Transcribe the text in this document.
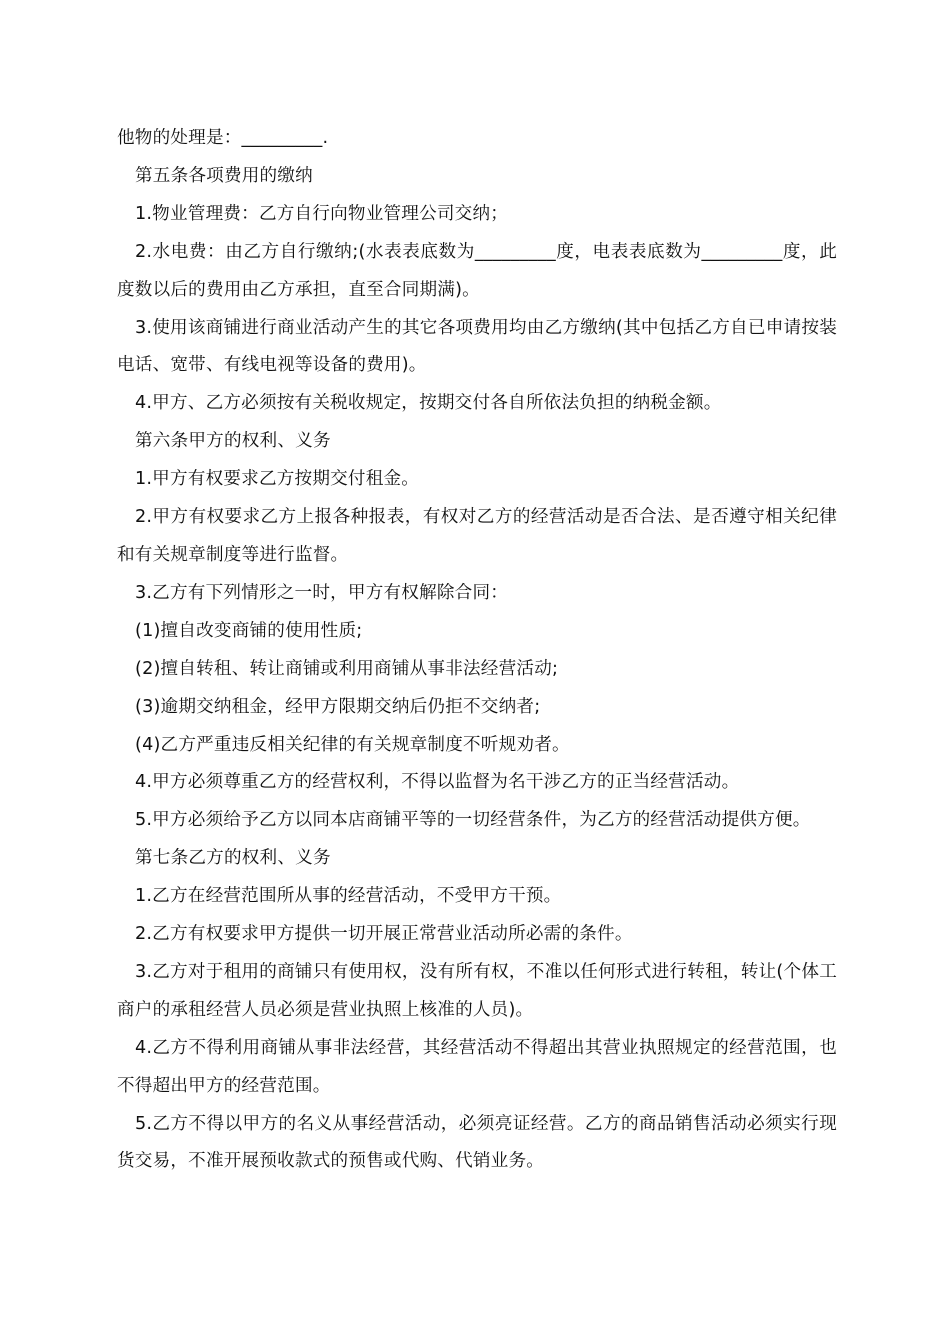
他物的处理是：_________.

第五条各项费用的缴纳

1.物业管理费：乙方自行向物业管理公司交纳；

2.水电费：由乙方自行缴纳;(水表表底数为_________度，电表表底数为_________度，此度数以后的费用由乙方承担，直至合同期满)。

3.使用该商铺进行商业活动产生的其它各项费用均由乙方缴纳(其中包括乙方自已申请按装电话、宽带、有线电视等设备的费用)。

4.甲方、乙方必须按有关税收规定，按期交付各自所依法负担的纳税金额。

第六条甲方的权利、义务

1.甲方有权要求乙方按期交付租金。

2.甲方有权要求乙方上报各种报表，有权对乙方的经营活动是否合法、是否遵守相关纪律和有关规章制度等进行监督。

3.乙方有下列情形之一时，甲方有权解除合同：

(1)擅自改变商铺的使用性质;

(2)擅自转租、转让商铺或利用商铺从事非法经营活动;

(3)逾期交纳租金，经甲方限期交纳后仍拒不交纳者;

(4)乙方严重违反相关纪律的有关规章制度不听规劝者。

4.甲方必须尊重乙方的经营权利，不得以监督为名干涉乙方的正当经营活动。

5.甲方必须给予乙方以同本店商铺平等的一切经营条件，为乙方的经营活动提供方便。

第七条乙方的权利、义务

1.乙方在经营范围所从事的经营活动，不受甲方干预。

2.乙方有权要求甲方提供一切开展正常营业活动所必需的条件。

3.乙方对于租用的商铺只有使用权，没有所有权，不准以任何形式进行转租，转让(个体工商户的承租经营人员必须是营业执照上核准的人员)。

4.乙方不得利用商铺从事非法经营，其经营活动不得超出其营业执照规定的经营范围，也不得超出甲方的经营范围。

5.乙方不得以甲方的名义从事经营活动，必须亮证经营。乙方的商品销售活动必须实行现货交易，不准开展预收款式的预售或代购、代销业务。
